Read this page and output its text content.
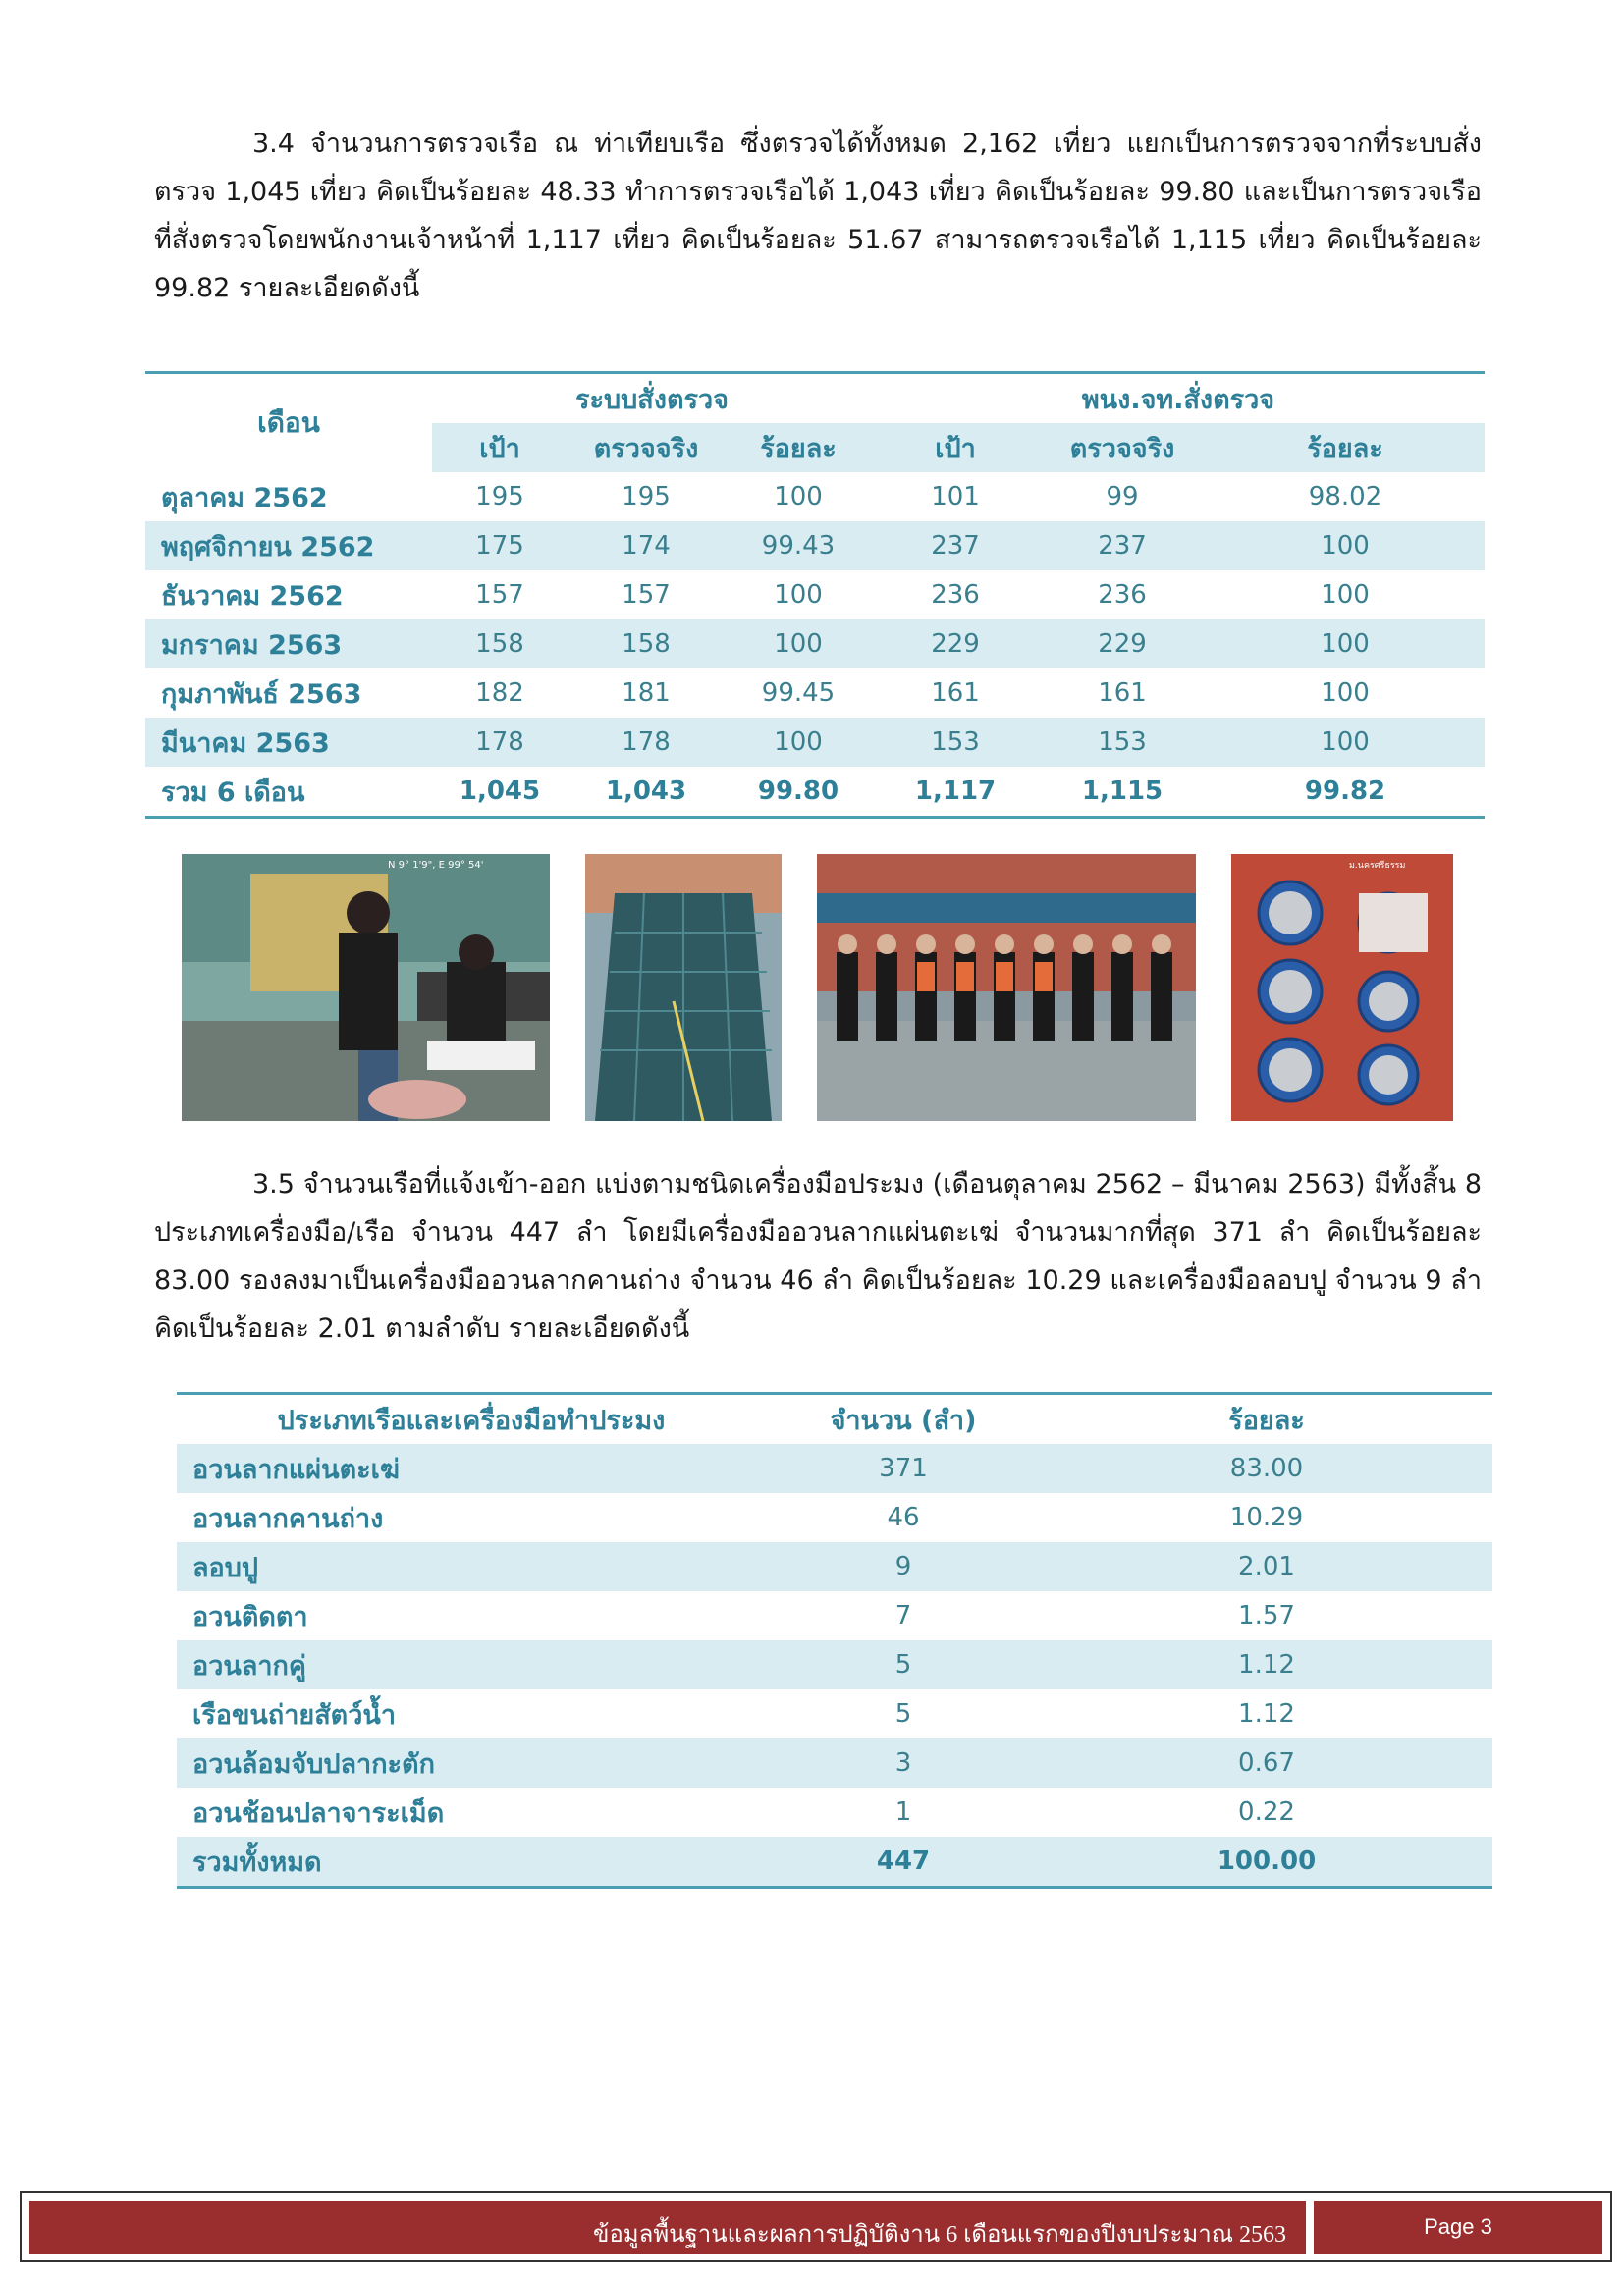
3.4 จำนวนการตรวจเรือ ณ ท่าเทียบเรือ ซึ่งตรวจได้ทั้งหมด 2,162 เที่ยว แยกเป็นการตรวจจากที่ระบบสั่งตรวจ 1,045 เที่ยว คิดเป็นร้อยละ 48.33 ทำการตรวจเรือได้ 1,043 เที่ยว คิดเป็นร้อยละ 99.80 และเป็นการตรวจเรือที่สั่งตรวจโดยพนักงานเจ้าหน้าที่ 1,117 เที่ยว คิดเป็นร้อยละ 51.67 สามารถตรวจเรือได้ 1,115 เที่ยว คิดเป็นร้อยละ 99.82 รายละเอียดดังนี้

เดือน	ระบบสั่งตรวจ			พนง.จท.สั่งตรวจ		
	เป้า	ตรวจจริง	ร้อยละ	เป้า	ตรวจจริง	ร้อยละ
ตุลาคม 2562	195	195	100	101	99	98.02
พฤศจิกายน 2562	175	174	99.43	237	237	100
ธันวาคม 2562	157	157	100	236	236	100
มกราคม 2563	158	158	100	229	229	100
กุมภาพันธ์ 2563	182	181	99.45	161	161	100
มีนาคม 2563	178	178	100	153	153	100
รวม 6 เดือน	1,045	1,043	99.80	1,117	1,115	99.82
N 9° 1'9", E 99° 54'	ม.นครศรีธรรม

3.5 จำนวนเรือที่แจ้งเข้า-ออก แบ่งตามชนิดเครื่องมือประมง (เดือนตุลาคม 2562 – มีนาคม 2563) มีทั้งสิ้น 8 ประเภทเครื่องมือ/เรือ จำนวน 447 ลำ โดยมีเครื่องมืออวนลากแผ่นตะเฆ่ จำนวนมากที่สุด 371 ลำ คิดเป็นร้อยละ 83.00 รองลงมาเป็นเครื่องมืออวนลากคานถ่าง จำนวน 46 ลำ คิดเป็นร้อยละ 10.29 และเครื่องมือลอบปู จำนวน 9 ลำ คิดเป็นร้อยละ 2.01 ตามลำดับ รายละเอียดดังนี้

ประเภทเรือและเครื่องมือทำประมง	จำนวน (ลำ)	ร้อยละ
อวนลากแผ่นตะเฆ่	371	83.00
อวนลากคานถ่าง	46	10.29
ลอบปู	9	2.01
อวนติดตา	7	1.57
อวนลากคู่	5	1.12
เรือขนถ่ายสัตว์น้ำ	5	1.12
อวนล้อมจับปลากะตัก	3	0.67
อวนช้อนปลาจาระเม็ด	1	0.22
รวมทั้งหมด	447	100.00
ข้อมูลพื้นฐานและผลการปฏิบัติงาน 6 เดือนแรกของปีงบประมาณ 2563	Page 3
